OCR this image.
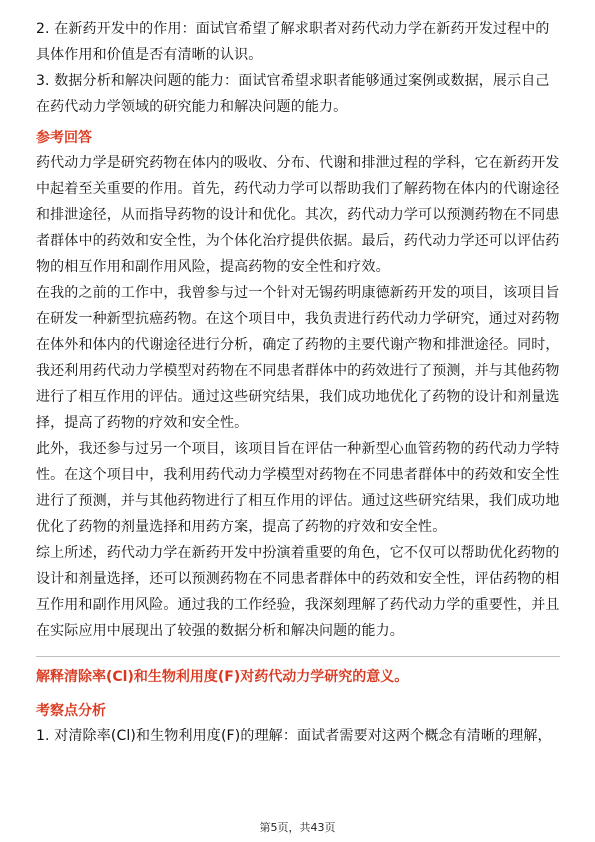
2. 在新药开发中的作用：面试官希望了解求职者对药代动力学在新药开发过程中的具体作用和价值是否有清晰的认识。

3. 数据分析和解决问题的能力：面试官希望求职者能够通过案例或数据，展示自己在药代动力学领域的研究能力和解决问题的能力。

参考回答

药代动力学是研究药物在体内的吸收、分布、代谢和排泄过程的学科，它在新药开发中起着至关重要的作用。首先，药代动力学可以帮助我们了解药物在体内的代谢途径和排泄途径，从而指导药物的设计和优化。其次，药代动力学可以预测药物在不同患者群体中的药效和安全性，为个体化治疗提供依据。最后，药代动力学还可以评估药物的相互作用和副作用风险，提高药物的安全性和疗效。

在我的之前的工作中，我曾参与过一个针对无锡药明康德新药开发的项目，该项目旨在研发一种新型抗癌药物。在这个项目中，我负责进行药代动力学研究，通过对药物在体外和体内的代谢途径进行分析，确定了药物的主要代谢产物和排泄途径。同时，我还利用药代动力学模型对药物在不同患者群体中的药效进行了预测，并与其他药物进行了相互作用的评估。通过这些研究结果，我们成功地优化了药物的设计和剂量选择，提高了药物的疗效和安全性。

此外，我还参与过另一个项目，该项目旨在评估一种新型心血管药物的药代动力学特性。在这个项目中，我利用药代动力学模型对药物在不同患者群体中的药效和安全性进行了预测，并与其他药物进行了相互作用的评估。通过这些研究结果，我们成功地优化了药物的剂量选择和用药方案，提高了药物的疗效和安全性。

综上所述，药代动力学在新药开发中扮演着重要的角色，它不仅可以帮助优化药物的设计和剂量选择，还可以预测药物在不同患者群体中的药效和安全性，评估药物的相互作用和副作用风险。通过我的工作经验，我深刻理解了药代动力学的重要性，并且在实际应用中展现出了较强的数据分析和解决问题的能力。

解释清除率(Cl)和生物利用度(F)对药代动力学研究的意义。
考察点分析

1. 对清除率(Cl)和生物利用度(F)的理解：面试者需要对这两个概念有清晰的理解，

第5页，共43页
